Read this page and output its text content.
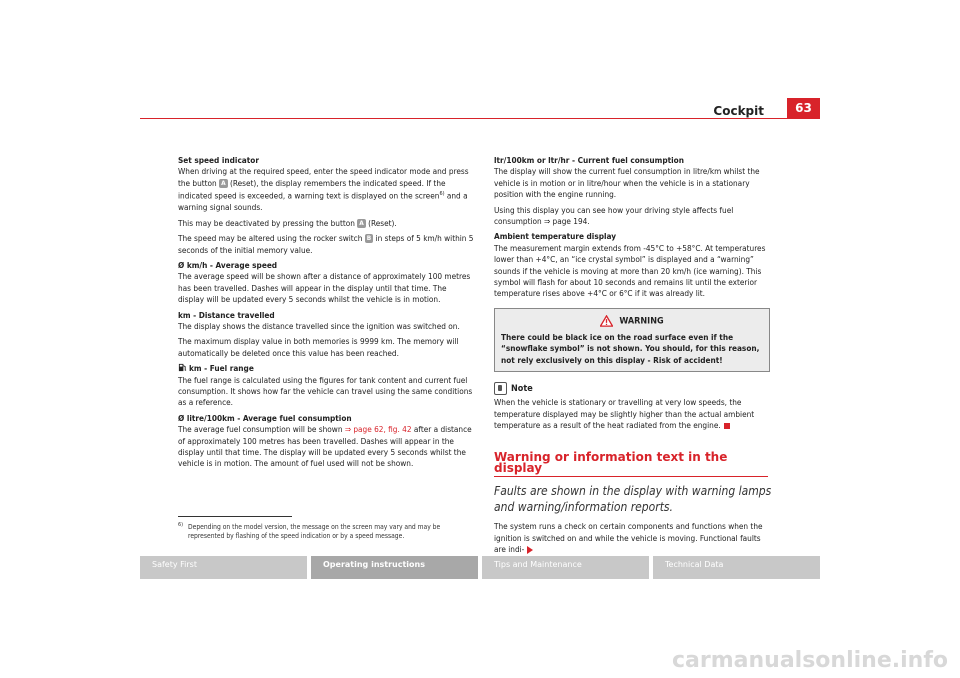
Cockpit	63

Set speed indicator

When driving at the required speed, enter the speed indicator mode and press the button A (Reset), the display remembers the indicated speed. If the indicated speed is exceeded, a warning text is displayed on the screen$^{6)}$ and a warning signal sounds.

This may be deactivated by pressing the button A (Reset).

The speed may be altered using the rocker switch B in steps of 5 km/h within 5 seconds of the initial memory value.

Ø km/h - Average speed

The average speed will be shown after a distance of approximately 100 metres has been travelled. Dashes will appear in the display until that time. The display will be updated every 5 seconds whilst the vehicle is in motion.

km - Distance travelled

The display shows the distance travelled since the ignition was switched on.

The maximum display value in both memories is 9999 km. The memory will automatically be deleted once this value has been reached.

km - Fuel range

The fuel range is calculated using the figures for tank content and current fuel consumption. It shows how far the vehicle can travel using the same conditions as a reference.

Ø litre/100km - Average fuel consumption

The average fuel consumption will be shown ⇒ page 62, fig. 42 after a distance of approximately 100 metres has been travelled. Dashes will appear in the display until that time. The display will be updated every 5 seconds whilst the vehicle is in motion. The amount of fuel used will not be shown.

6) Depending on the model version, the message on the screen may vary and may be represented by flashing of the speed indication or by a speed message.

ltr/100km or ltr/hr - Current fuel consumption

The display will show the current fuel consumption in litre/km whilst the vehicle is in motion or in litre/hour when the vehicle is in a stationary position with the engine running.

Using this display you can see how your driving style affects fuel consumption ⇒ page 194.

Ambient temperature display

The measurement margin extends from -45°C to +58°C. At temperatures lower than +4°C, an “ice crystal symbol” is displayed and a “warning” sounds if the vehicle is moving at more than 20 km/h (ice warning). This symbol will flash for about 10 seconds and remains lit until the exterior temperature rises above +4°C or 6°C if it was already lit.

WARNING
There could be black ice on the road surface even if the “snowflake symbol” is not shown. You should, for this reason, not rely exclusively on this display - Risk of accident!
Note

When the vehicle is stationary or travelling at very low speeds, the temperature displayed may be slightly higher than the actual ambient temperature as a result of the heat radiated from the engine.

Warning or information text in the display
Faults are shown in the display with warning lamps and warning/information reports.

The system runs a check on certain components and functions when the ignition is switched on and while the vehicle is moving. Functional faults are indi-

Safety First	Operating instructions	Tips and Maintenance	Technical Data
carmanualsonline.info
